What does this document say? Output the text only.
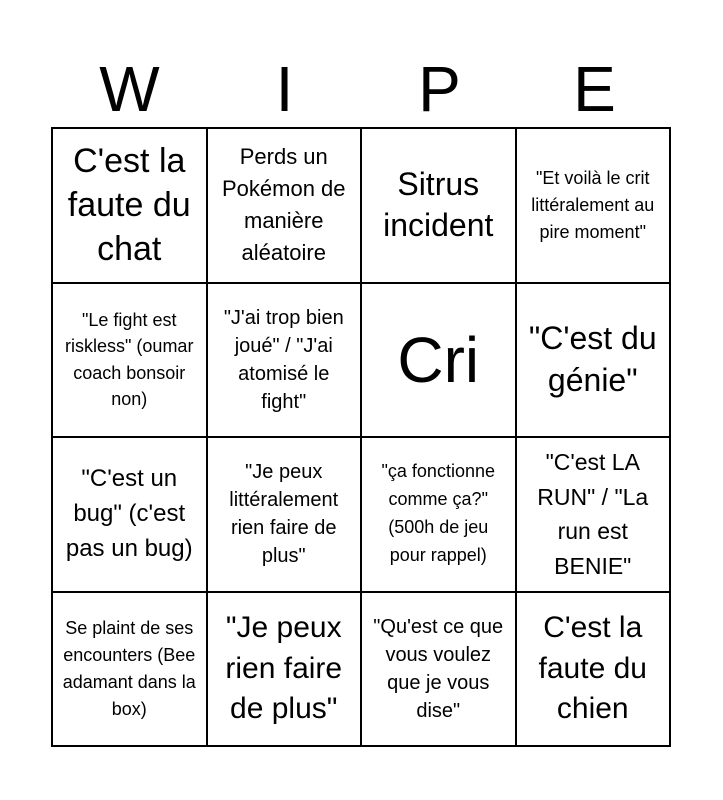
W	I	P	E
C'est la faute du chat
Perds un Pokémon de manière aléatoire
Sitrus incident
"Et voilà le crit littéralement au pire moment"
"Le fight est riskless" (oumar coach bonsoir non)
"J'ai trop bien joué" / "J'ai atomisé le fight"
Cri "C'est du génie"
"C'est un bug" (c'est pas un bug)
"Je peux littéralement rien faire de plus"
"ça fonctionne comme ça?" (500h de jeu pour rappel)
"C'est LA RUN" / "La run est BENIE"
Se plaint de ses encounters (Bee adamant dans la box)
"Je peux rien faire de plus"
"Qu'est ce que vous voulez que je vous dise"
C'est la faute du chien
